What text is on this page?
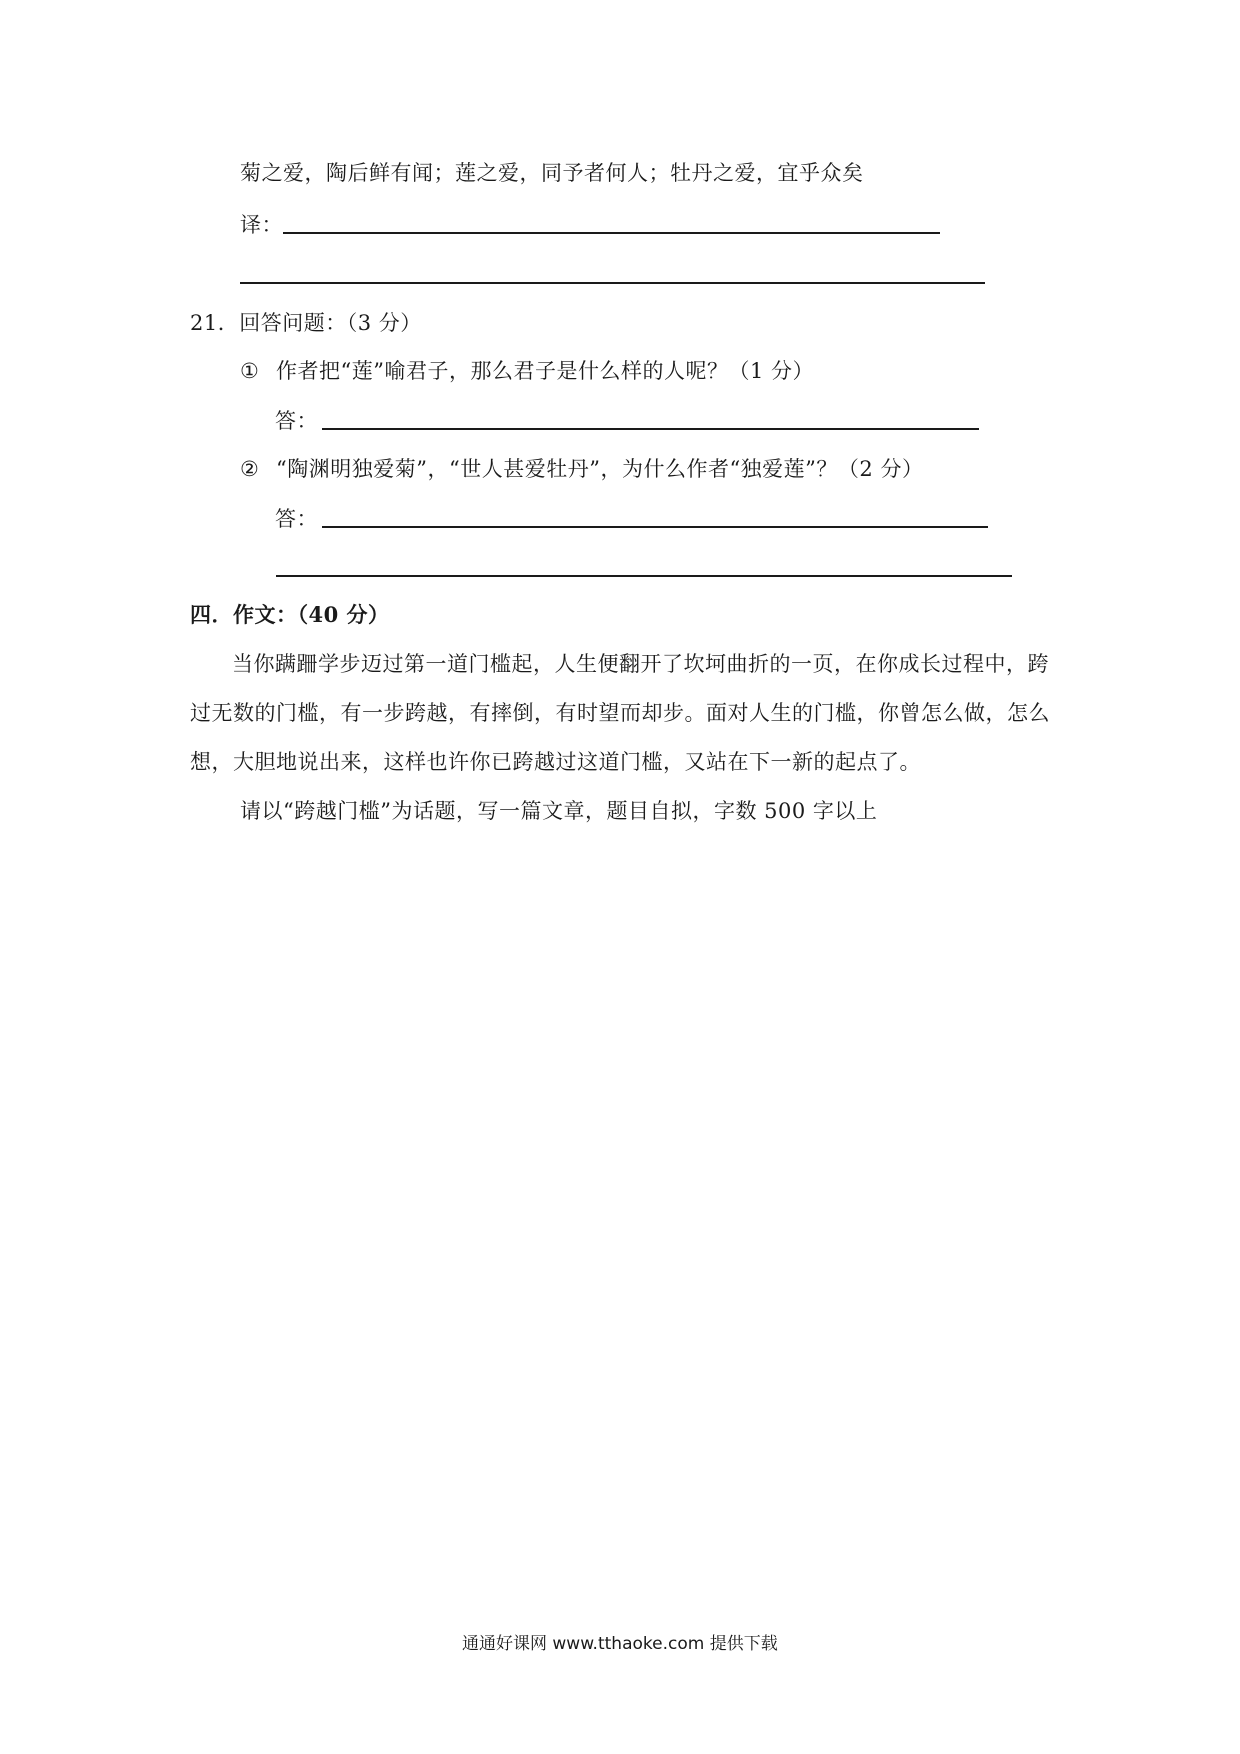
菊之爱，陶后鲜有闻；莲之爱，同予者何人；牡丹之爱，宜乎众矣
译：
21．回答问题：（3 分）
① 作者把“莲”喻君子，那么君子是什么样的人呢？（1 分）
答：
② “陶渊明独爱菊”，“世人甚爱牡丹”，为什么作者“独爱莲”？（2 分）
答：
四．作文：（40 分）
当你蹒跚学步迈过第一道门槛起，人生便翻开了坎坷曲折的一页，在你成长过程中，跨
过无数的门槛，有一步跨越，有摔倒，有时望而却步。面对人生的门槛，你曾怎么做，怎么
想，大胆地说出来，这样也许你已跨越过这道门槛，又站在下一新的起点了。
请以“跨越门槛”为话题，写一篇文章，题目自拟，字数 500 字以上
通通好课网 www.tthaoke.com 提供下载
